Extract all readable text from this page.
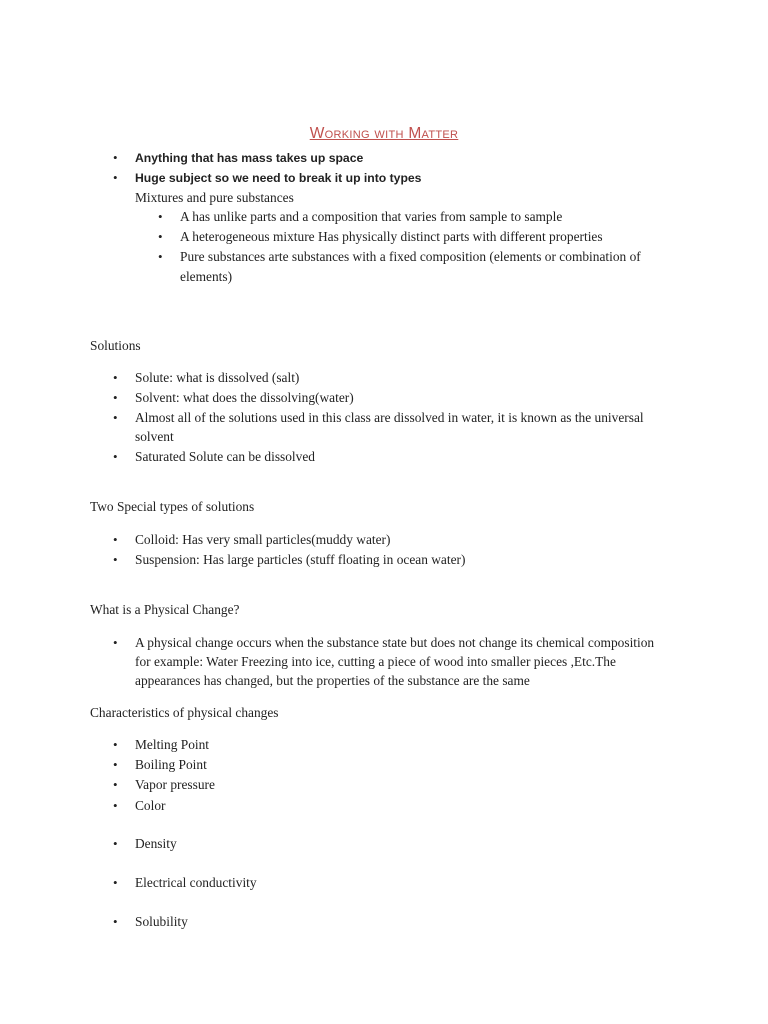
Working with Matter
• Anything that has mass takes up space
• Huge subject so we need to break it up into types
Mixtures and pure substances
• A has unlike parts and a composition that varies from sample to sample
• A heterogeneous mixture Has physically distinct parts with different properties
• Pure substances arte substances with a fixed composition (elements or combination of
elements)
Solutions
• Solute: what is dissolved (salt)
• Solvent: what does the dissolving(water)
• Almost all of the solutions used in this class are dissolved in water, it is known as the universal
solvent
• Saturated Solute can be dissolved
Two Special types of solutions
• Colloid: Has very small particles(muddy water)
• Suspension: Has large particles (stuff floating in ocean water)
What is a Physical Change?
• A physical change occurs when the substance state but does not change its chemical composition
for example: Water Freezing into ice, cutting a piece of wood into smaller pieces ,Etc.The
appearances has changed, but the properties of the substance are the same
Characteristics of physical changes
• Melting Point
• Boiling Point
• Vapor pressure
• Color
• Density
• Electrical conductivity
• Solubility
